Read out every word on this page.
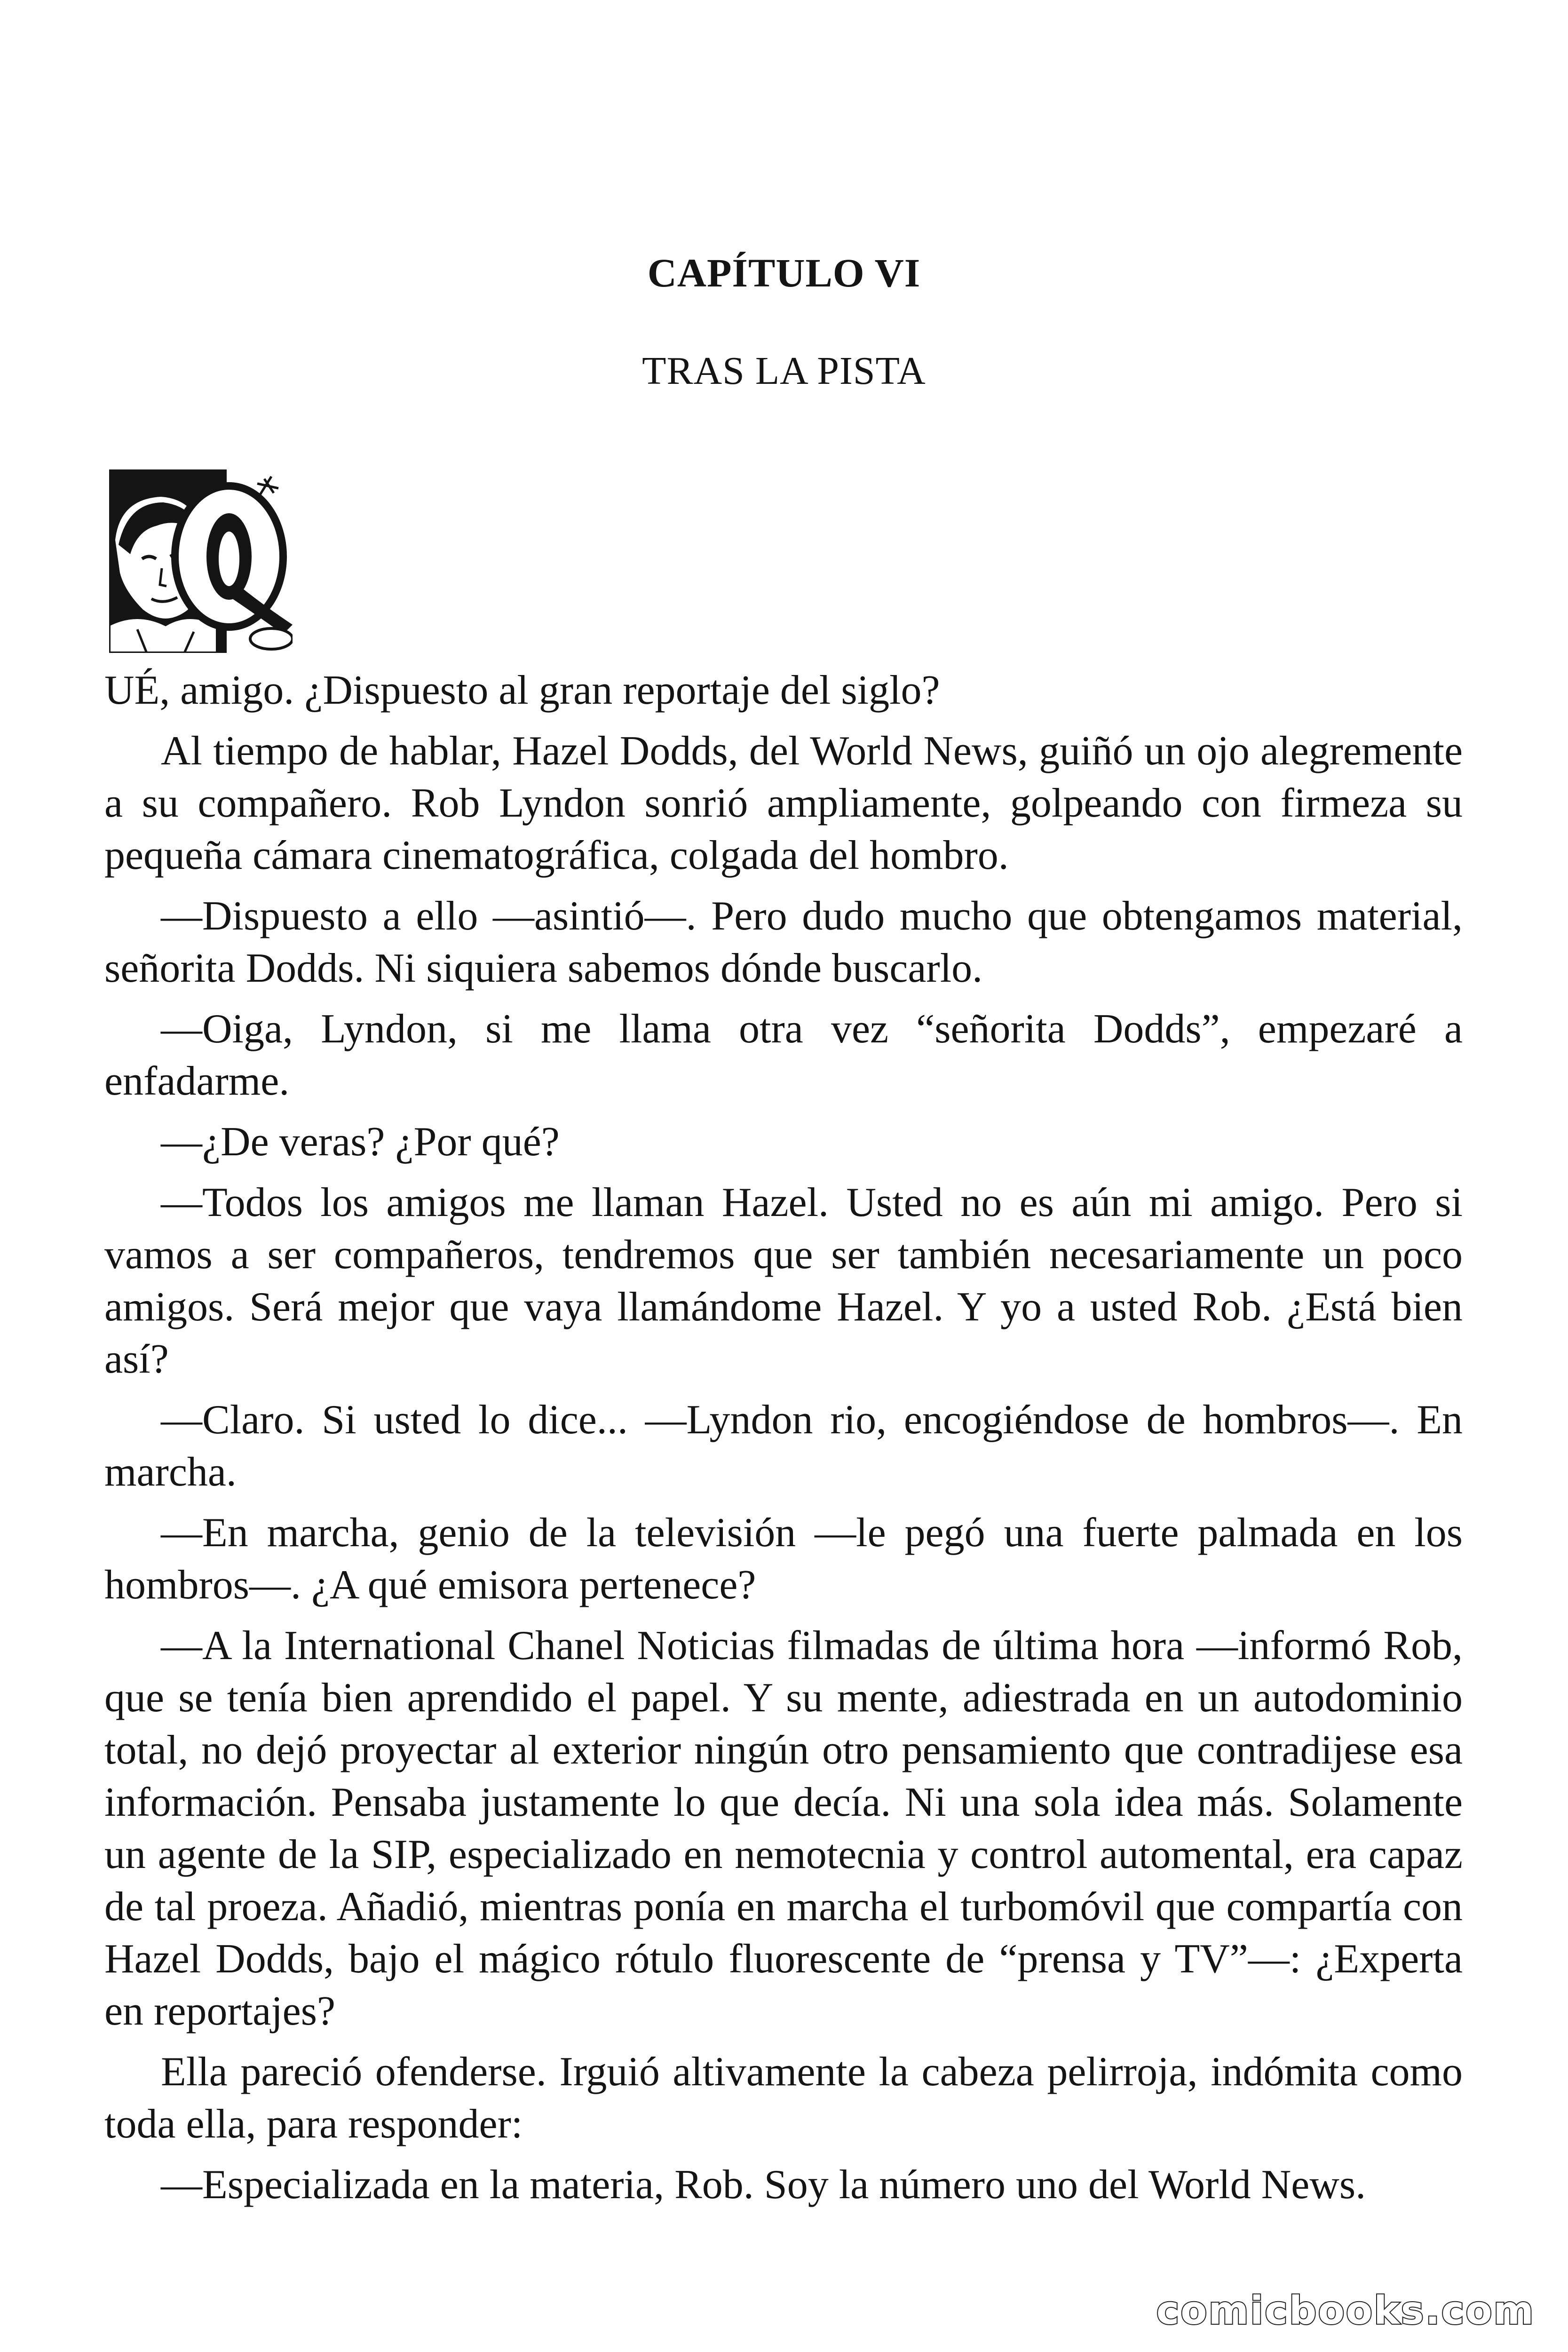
CAPÍTULO VI
TRAS LA PISTA

UÉ, amigo. ¿Dispuesto al gran reportaje del siglo?

Al tiempo de hablar, Hazel Dodds, del World News, guiñó un ojo alegremente a su compañero. Rob Lyndon sonrió ampliamente, golpeando con firmeza su pequeña cámara cinematográfica, colgada del hombro.

—Dispuesto a ello —asintió—. Pero dudo mucho que obtengamos material, señorita Dodds. Ni siquiera sabemos dónde buscarlo.

—Oiga, Lyndon, si me llama otra vez “señorita Dodds”, empezaré a enfadarme.

—¿De veras? ¿Por qué?

—Todos los amigos me llaman Hazel. Usted no es aún mi amigo. Pero si vamos a ser compañeros, tendremos que ser también necesariamente un poco amigos. Será mejor que vaya llamándome Hazel. Y yo a usted Rob. ¿Está bien así?

—Claro. Si usted lo dice... —Lyndon rio, encogiéndose de hombros—. En marcha.

—En marcha, genio de la televisión —le pegó una fuerte palmada en los hombros—. ¿A qué emisora pertenece?

—A la International Chanel Noticias filmadas de última hora —informó Rob, que se tenía bien aprendido el papel. Y su mente, adiestrada en un autodominio total, no dejó proyectar al exterior ningún otro pensamiento que contradijese esa información. Pensaba justamente lo que decía. Ni una sola idea más. Solamente un agente de la SIP, especializado en nemotecnia y control automental, era capaz de tal proeza. Añadió, mientras ponía en marcha el turbomóvil que compartía con Hazel Dodds, bajo el mágico rótulo fluorescente de “prensa y TV”—: ¿Experta en reportajes?

Ella pareció ofenderse. Irguió altivamente la cabeza pelirroja, indómita como toda ella, para responder:

—Especializada en la materia, Rob. Soy la número uno del World News.

comicbooks.com
